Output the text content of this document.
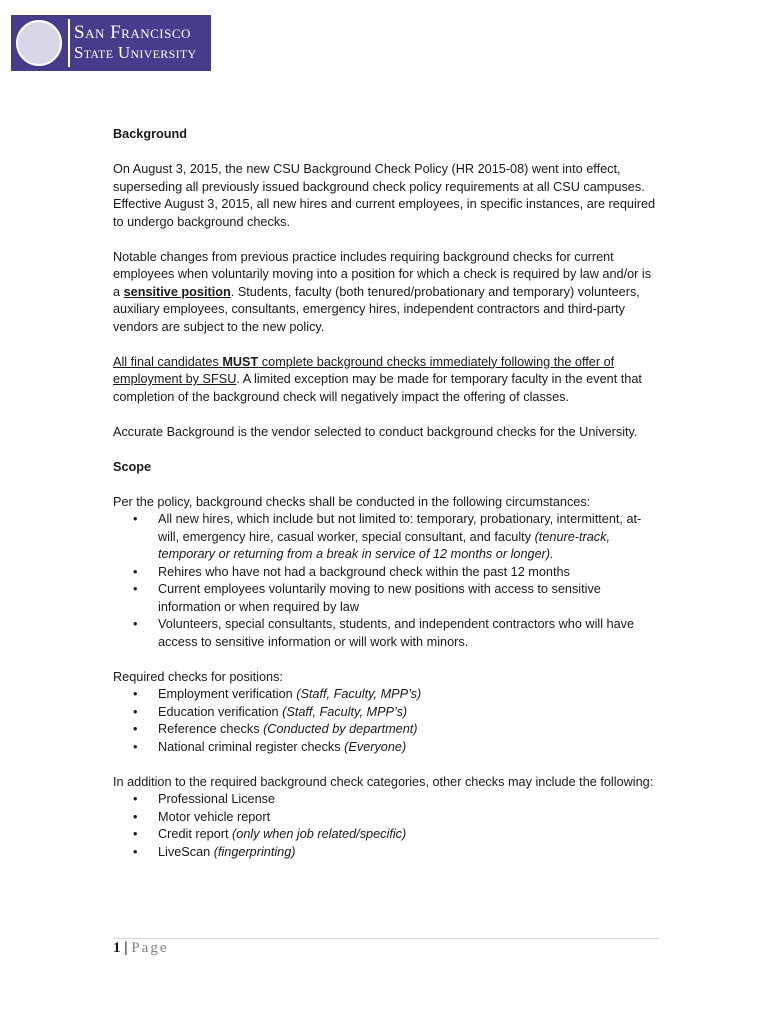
San Francisco
State University

Background

On August 3, 2015, the new CSU Background Check Policy (HR 2015-08) went into effect, superseding all previously issued background check policy requirements at all CSU campuses. Effective August 3, 2015, all new hires and current employees, in specific instances, are required to undergo background checks.

Notable changes from previous practice includes requiring background checks for current employees when voluntarily moving into a position for which a check is required by law and/or is a sensitive position. Students, faculty (both tenured/probationary and temporary) volunteers, auxiliary employees, consultants, emergency hires, independent contractors and third-party vendors are subject to the new policy.

All final candidates MUST complete background checks immediately following the offer of employment by SFSU. A limited exception may be made for temporary faculty in the event that completion of the background check will negatively impact the offering of classes.

Accurate Background is the vendor selected to conduct background checks for the University.

Scope

Per the policy, background checks shall be conducted in the following circumstances:

• All new hires, which include but not limited to: temporary, probationary, intermittent, at- will, emergency hire, casual worker, special consultant, and faculty (tenure-track, temporary or returning from a break in service of 12 months or longer).
• Rehires who have not had a background check within the past 12 months
• Current employees voluntarily moving to new positions with access to sensitive information or when required by law
• Volunteers, special consultants, students, and independent contractors who will have access to sensitive information or will work with minors.

Required checks for positions:

• Employment verification (Staff, Faculty, MPP’s)
• Education verification (Staff, Faculty, MPP’s)
• Reference checks (Conducted by department)
• National criminal register checks (Everyone)

In addition to the required background check categories, other checks may include the following:

• Professional License
• Motor vehicle report
• Credit report (only when job related/specific)
• LiveScan (fingerprinting)
1 | Page
